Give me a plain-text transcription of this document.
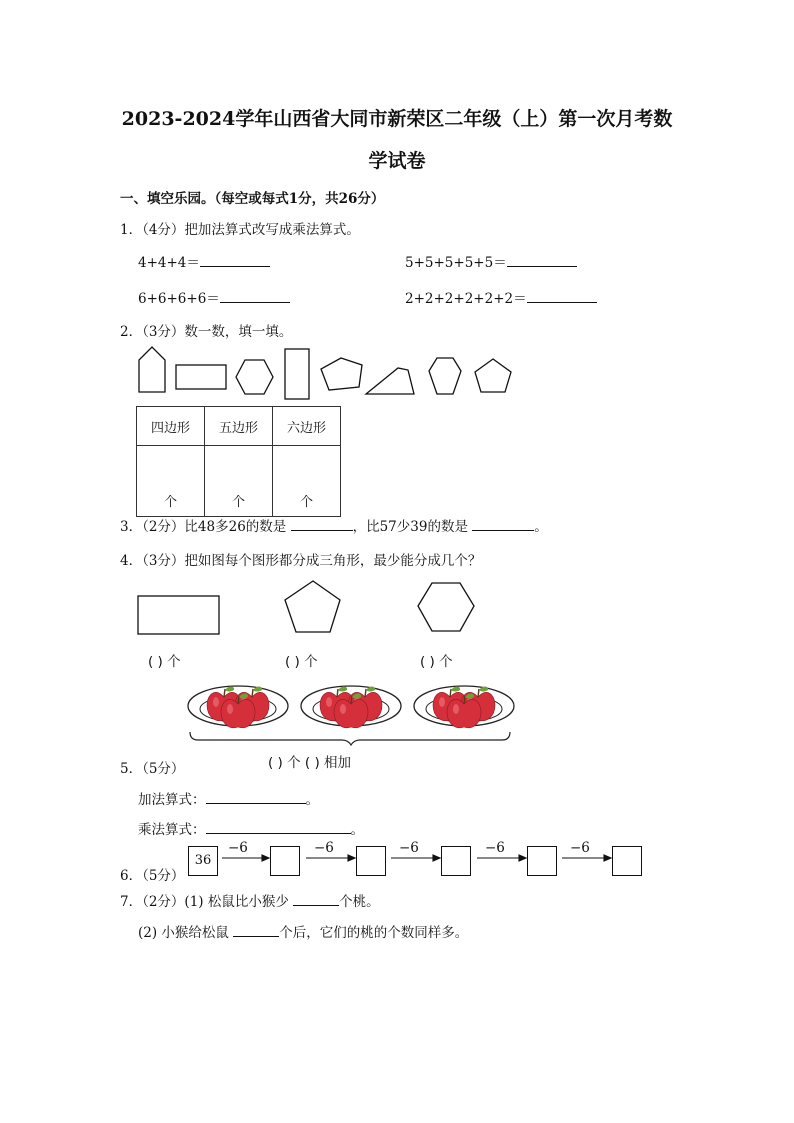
2023-2024学年山西省大同市新荣区二年级（上）第一次月考数
学试卷
一、填空乐园。（每空或每式1分，共26分）
1．（4分）把加法算式改写成乘法算式。
4+4+4＝	5+5+5+5+5＝
6+6+6+6＝	2+2+2+2+2+2＝
2．（3分）数一数，填一填。
四边形	五边形	六边形
个	个	个
3．（2分）比48多26的数是	，比57少39的数是	。
4．（3分）把如图每个图形都分成三角形，最少能分成几个？
( ) 个	( ) 个	( ) 个
5．（5分）	( ) 个 ( ) 相加
加法算式：	。
乘法算式：	。
6．（5分）
36
−6	−6	−6	−6	−6
7．（2分）(1) 松鼠比小猴少	个桃。
(2) 小猴给松鼠	个后，它们的桃的个数同样多。
